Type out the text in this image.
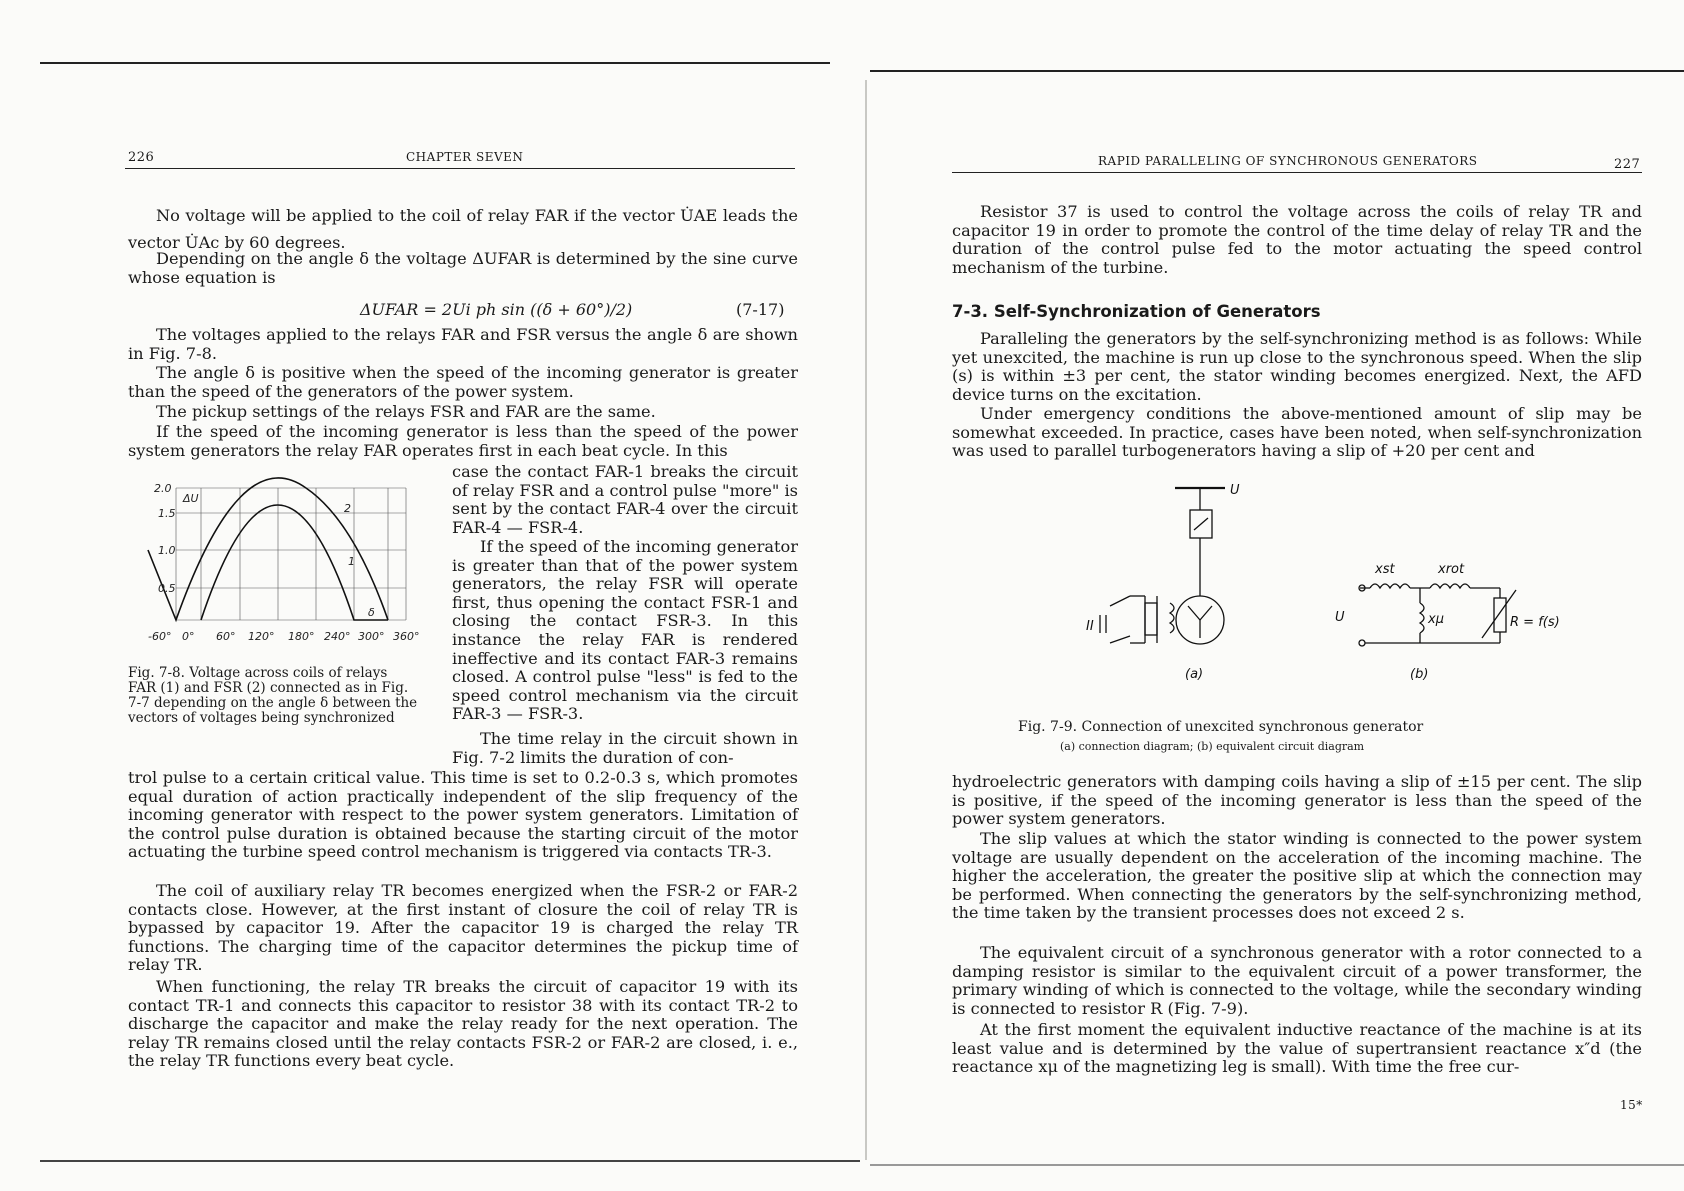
226	CHAPTER SEVEN

No voltage will be applied to the coil of relay FAR if the vector U̇AE leads the vector U̇Ac by 60 degrees.

Depending on the angle δ the voltage ΔUFAR is determined by the sine curve whose equation is

ΔUFAR = 2Ui ph sin ((δ + 60°)/2)	(7-17)

The voltages applied to the relays FAR and FSR versus the angle δ are shown in Fig. 7-8.

The angle δ is positive when the speed of the incoming generator is greater than the speed of the generators of the power system.

The pickup settings of the relays FSR and FAR are the same.

If the speed of the incoming generator is less than the speed of the power system generators the relay FAR operates first in each beat cycle. In this

2.0
1.5
1.0
0.5
ΔU
-60° 0° 60° 120° 180° 240° 300° 360°
1
2
δ
Fig. 7-8. Voltage across coils of relays FAR (1) and FSR (2) connected as in Fig. 7-7 depending on the angle δ between the vectors of voltages being synchronized

case the contact FAR-1 breaks the circuit of relay FSR and a control pulse "more" is sent by the contact FAR-4 over the circuit FAR-4 — FSR-4.

If the speed of the incoming generator is greater than that of the power system generators, the relay FSR will operate first, thus opening the contact FSR-1 and closing the contact FSR-3. In this instance the relay FAR is rendered ineffective and its contact FAR-3 remains closed. A control pulse "less" is fed to the speed control mechanism via the circuit FAR-3 — FSR-3.

The time relay in the circuit shown in Fig. 7-2 limits the duration of con-

trol pulse to a certain critical value. This time is set to 0.2-0.3 s, which promotes equal duration of action practically independent of the slip frequency of the incoming generator with respect to the power system generators. Limitation of the control pulse duration is obtained because the starting circuit of the motor actuating the turbine speed control mechanism is triggered via contacts TR-3.

The coil of auxiliary relay TR becomes energized when the FSR-2 or FAR-2 contacts close. However, at the first instant of closure the coil of relay TR is bypassed by capacitor 19. After the capacitor 19 is charged the relay TR functions. The charging time of the capacitor determines the pickup time of relay TR.

When functioning, the relay TR breaks the circuit of capacitor 19 with its contact TR-1 and connects this capacitor to resistor 38 with its contact TR-2 to discharge the capacitor and make the relay ready for the next operation. The relay TR remains closed until the relay contacts FSR-2 or FAR-2 are closed, i. e., the relay TR functions every beat cycle.

RAPID PARALLELING OF SYNCHRONOUS GENERATORS	227

Resistor 37 is used to control the voltage across the coils of relay TR and capacitor 19 in order to promote the control of the time delay of relay TR and the duration of the control pulse fed to the motor actuating the speed control mechanism of the turbine.

7-3. Self-Synchronization of Generators

Paralleling the generators by the self-synchronizing method is as follows: While yet unexcited, the machine is run up close to the synchronous speed. When the slip (s) is within ±3 per cent, the stator winding becomes energized. Next, the AFD device turns on the excitation.

Under emergency conditions the above-mentioned amount of slip may be somewhat exceeded. In practice, cases have been noted, when self-synchronization was used to parallel turbogenerators having a slip of +20 per cent and

U
U
xst	xrot
xμ	R = f(s)
II
(a)	(b)
Fig. 7-9. Connection of unexcited synchronous generator
(a) connection diagram; (b) equivalent circuit diagram

hydroelectric generators with damping coils having a slip of ±15 per cent. The slip is positive, if the speed of the incoming generator is less than the speed of the power system generators.

The slip values at which the stator winding is connected to the power system voltage are usually dependent on the acceleration of the incoming machine. The higher the acceleration, the greater the positive slip at which the connection may be performed. When connecting the generators by the self-synchronizing method, the time taken by the transient processes does not exceed 2 s.

The equivalent circuit of a synchronous generator with a rotor connected to a damping resistor is similar to the equivalent circuit of a power transformer, the primary winding of which is connected to the voltage, while the secondary winding is connected to resistor R (Fig. 7-9).

At the first moment the equivalent inductive reactance of the machine is at its least value and is determined by the value of supertransient reactance x″d (the reactance xμ of the magnetizing leg is small). With time the free cur-

15*
